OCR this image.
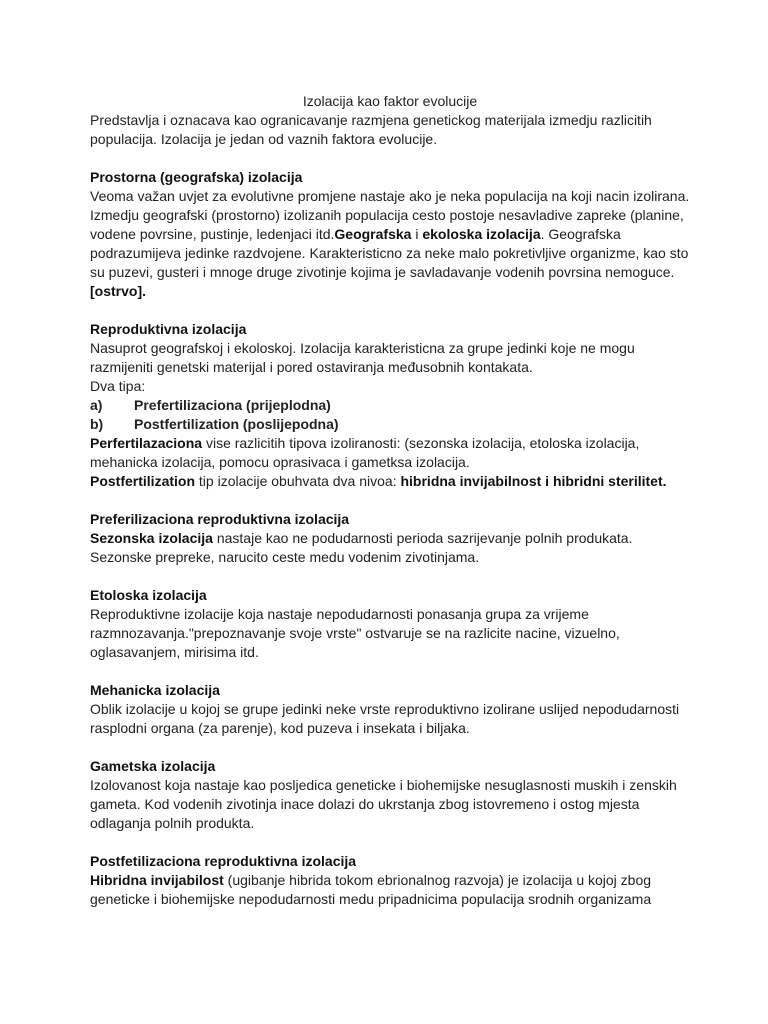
Izolacija kao faktor evolucije

Predstavlja i oznacava kao ogranicavanje razmjena genetickog materijala izmedju razlicitih populacija. Izolacija je jedan od vaznih faktora evolucije.

Prostorna (geografska) izolacija

Veoma važan uvjet za evolutivne promjene nastaje ako je neka populacija na koji nacin izolirana. Izmedju geografski (prostorno) izolizanih populacija cesto postoje nesavladive zapreke (planine, vodene povrsine, pustinje, ledenjaci itd.Geografska i ekoloska izolacija. Geografska podrazumijeva jedinke razdvojene. Karakteristicno za neke malo pokretivljive organizme, kao sto su puzevi, gusteri i mnoge druge zivotinje kojima je savladavanje vodenih povrsina nemoguce. [ostrvo].

Reproduktivna izolacija

Nasuprot geografskoj i ekoloskoj. Izolacija karakteristicna za grupe jedinki koje ne mogu razmijeniti genetski materijal i pored ostaviranja međusobnih kontakata.

Dva tipa:

a) Prefertilizaciona (prijeplodna)
b) Postfertilization (poslijepodna)

Perfertilazaciona vise razlicitih tipova izoliranosti: (sezonska izolacija, etoloska izolacija, mehanicka izolacija, pomocu oprasivaca i gametksa izolacija.

Postfertilization tip izolacije obuhvata dva nivoa: hibridna invijabilnost i hibridni sterilitet.

Preferilizaciona reproduktivna izolacija

Sezonska izolacija nastaje kao ne podudarnosti perioda sazrijevanje polnih produkata. Sezonske prepreke, narucito ceste medu vodenim zivotinjama.

Etoloska izolacija

Reproduktivne izolacije koja nastaje nepodudarnosti ponasanja grupa za vrijeme razmnozavanja."prepoznavanje svoje vrste" ostvaruje se na razlicite nacine, vizuelno, oglasavanjem, mirisima itd.

Mehanicka izolacija

Oblik izolacije u kojoj se grupe jedinki neke vrste reproduktivno izolirane uslijed nepodudarnosti rasplodni organa (za parenje), kod puzeva i insekata i biljaka.

Gametska izolacija

Izolovanost koja nastaje kao posljedica geneticke i biohemijske nesuglasnosti muskih i zenskih gameta. Kod vodenih zivotinja inace dolazi do ukrstanja zbog istovremeno i ostog mjesta odlaganja polnih produkta.

Postfetilizaciona reproduktivna izolacija

Hibridna invijabilost (ugibanje hibrida tokom ebrionalnog razvoja) je izolacija u kojoj zbog geneticke i biohemijske nepodudarnosti medu pripadnicima populacija srodnih organizama
